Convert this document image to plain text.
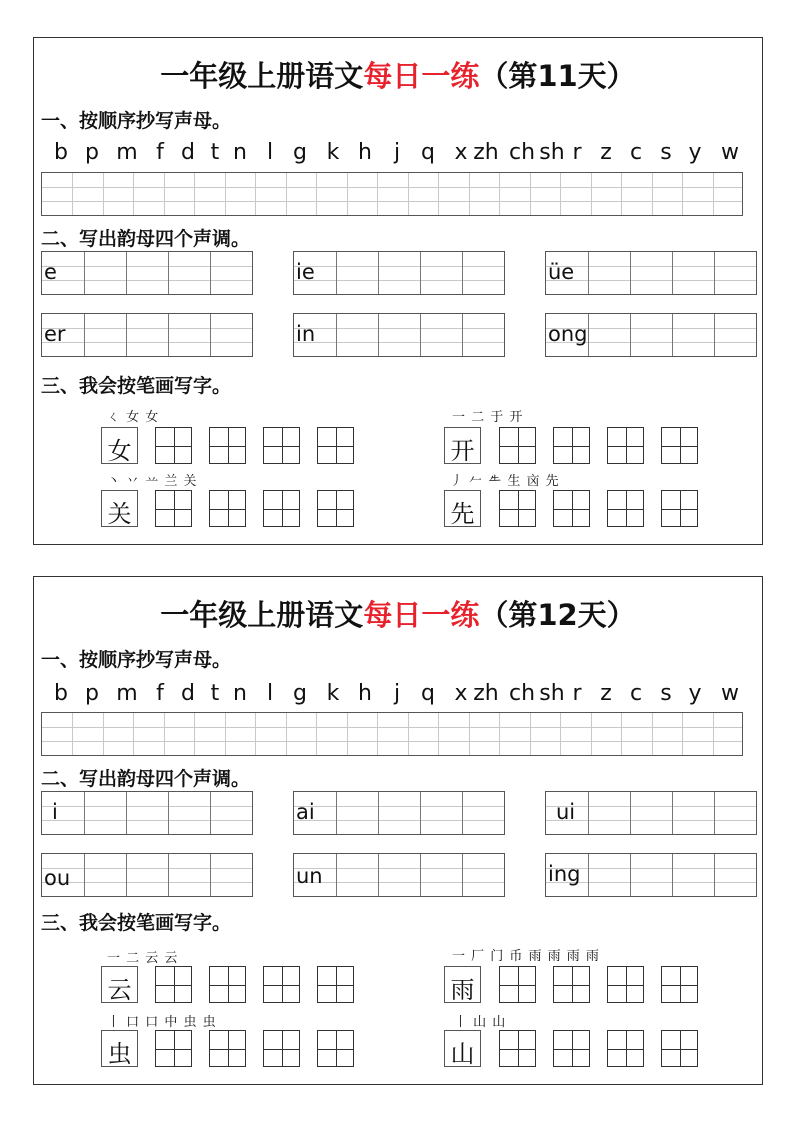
一年级上册语文每日一练（第11天）
一、按顺序抄写声母。
b p m f d t n l g k h j q x zh ch sh r z c s y w
二、写出韵母四个声调。
e	ie	üe
er	in	ong
三、我会按笔画写字。
ㄑ 女 女
女
一 二 于 开
开
丶 丷 䒑 兰 关
关
丿 𠂉 𠂒 生 㐫 先
先
一年级上册语文每日一练（第12天）
一、按顺序抄写声母。
b p m f d t n l g k h j q x zh ch sh r z c s y w
二、写出韵母四个声调。
i	ai	ui
ou	un	ing
三、我会按笔画写字。
一 二 云 云
云
一 厂 门 币 雨 雨 雨 雨
雨
丨 口 口 中 虫 虫
虫
丨 山 山
山
